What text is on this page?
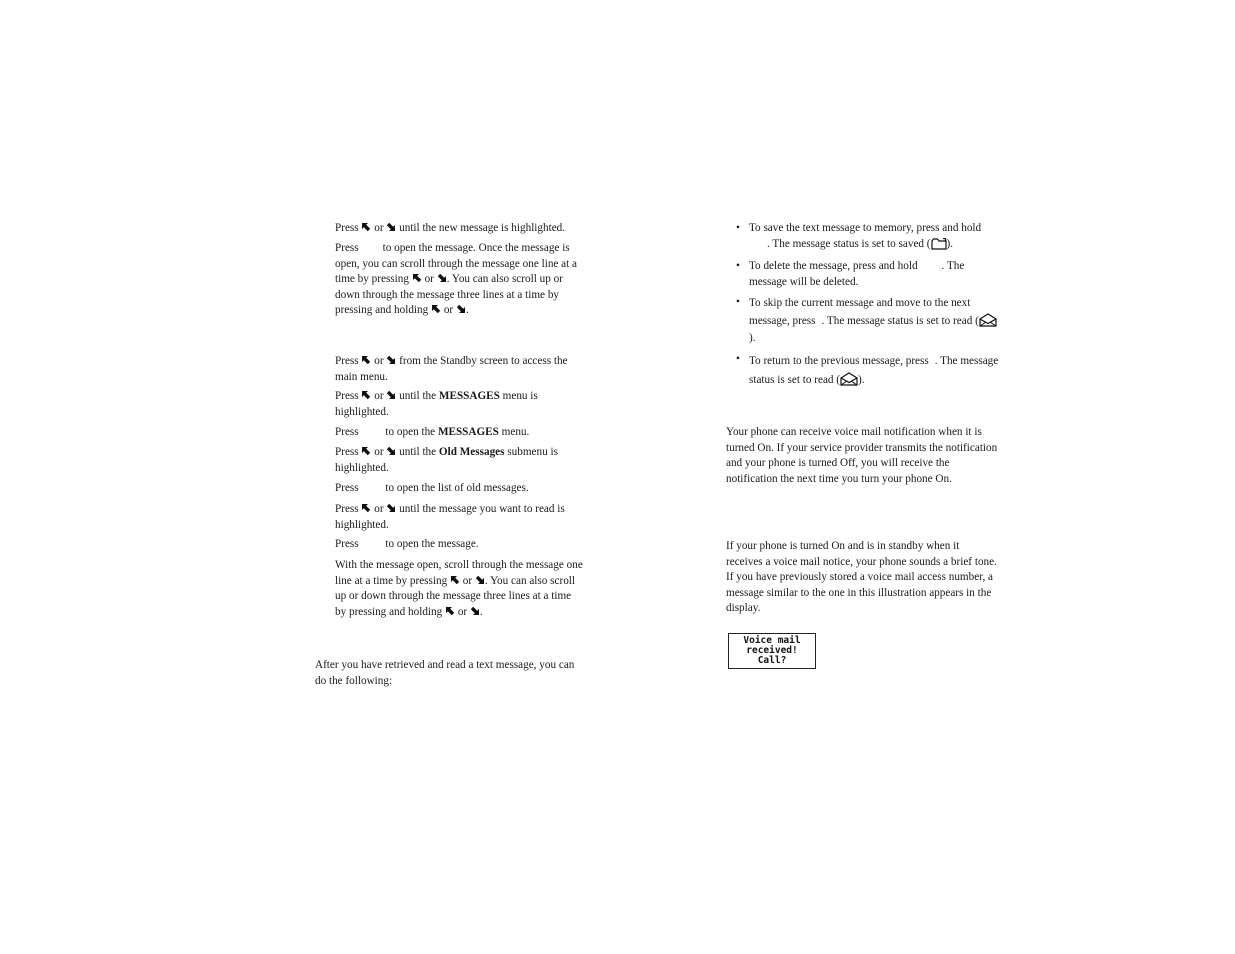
Press or until the new message is highlighted.

Press to open the message. Once the message is open, you can scroll through the message one line at a time by pressing or . You can also scroll up or down through the message three lines at a time by pressing and holding or .

Press or from the Standby screen to access the main menu.

Press or until the MESSAGES menu is highlighted.

Press to open the MESSAGES menu.

Press or until the Old Messages submenu is highlighted.

Press to open the list of old messages.

Press or until the message you want to read is highlighted.

Press to open the message.

With the message open, scroll through the message one line at a time by pressing or . You can also scroll up or down through the message three lines at a time by pressing and holding or .

After you have retrieved and read a text message, you can do the following:

• To save the text message to memory, press and hold
. The message status is set to saved ( ).

• To delete the message, press and hold . The message will be deleted.

• To skip the current message and move to the next message, press . The message status is set to read (
).

• To return to the previous message, press . The message status is set to read ( ).

Your phone can receive voice mail notification when it is turned On. If your service provider transmits the notification and your phone is turned Off, you will receive the notification the next time you turn your phone On.

If your phone is turned On and is in standby when it receives a voice mail notice, your phone sounds a brief tone. If you have previously stored a voice mail access number, a message similar to the one in this illustration appears in the display.

Voice mail
received!
Call?
